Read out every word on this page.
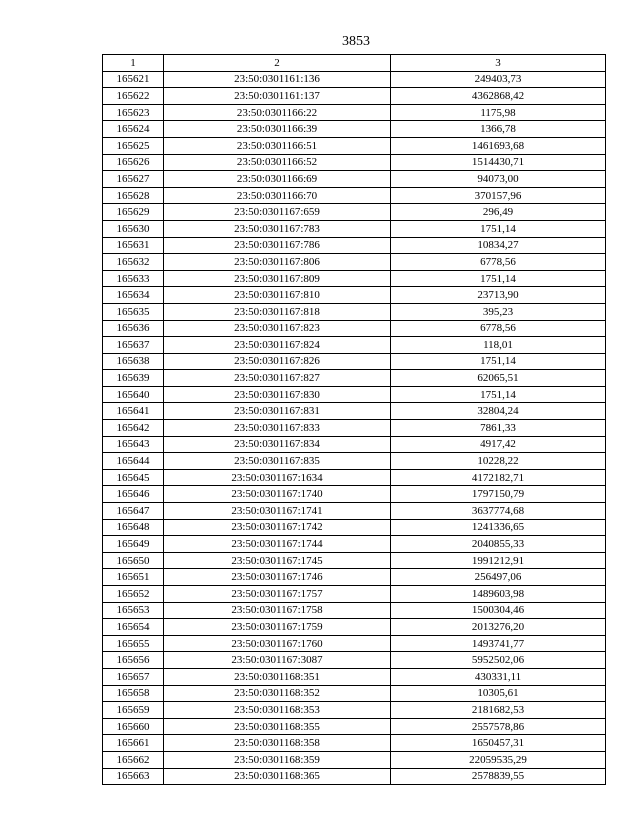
3853
1	2	3
165621	23:50:0301161:136	249403,73
165622	23:50:0301161:137	4362868,42
165623	23:50:0301166:22	1175,98
165624	23:50:0301166:39	1366,78
165625	23:50:0301166:51	1461693,68
165626	23:50:0301166:52	1514430,71
165627	23:50:0301166:69	94073,00
165628	23:50:0301166:70	370157,96
165629	23:50:0301167:659	296,49
165630	23:50:0301167:783	1751,14
165631	23:50:0301167:786	10834,27
165632	23:50:0301167:806	6778,56
165633	23:50:0301167:809	1751,14
165634	23:50:0301167:810	23713,90
165635	23:50:0301167:818	395,23
165636	23:50:0301167:823	6778,56
165637	23:50:0301167:824	118,01
165638	23:50:0301167:826	1751,14
165639	23:50:0301167:827	62065,51
165640	23:50:0301167:830	1751,14
165641	23:50:0301167:831	32804,24
165642	23:50:0301167:833	7861,33
165643	23:50:0301167:834	4917,42
165644	23:50:0301167:835	10228,22
165645	23:50:0301167:1634	4172182,71
165646	23:50:0301167:1740	1797150,79
165647	23:50:0301167:1741	3637774,68
165648	23:50:0301167:1742	1241336,65
165649	23:50:0301167:1744	2040855,33
165650	23:50:0301167:1745	1991212,91
165651	23:50:0301167:1746	256497,06
165652	23:50:0301167:1757	1489603,98
165653	23:50:0301167:1758	1500304,46
165654	23:50:0301167:1759	2013276,20
165655	23:50:0301167:1760	1493741,77
165656	23:50:0301167:3087	5952502,06
165657	23:50:0301168:351	430331,11
165658	23:50:0301168:352	10305,61
165659	23:50:0301168:353	2181682,53
165660	23:50:0301168:355	2557578,86
165661	23:50:0301168:358	1650457,31
165662	23:50:0301168:359	22059535,29
165663	23:50:0301168:365	2578839,55
